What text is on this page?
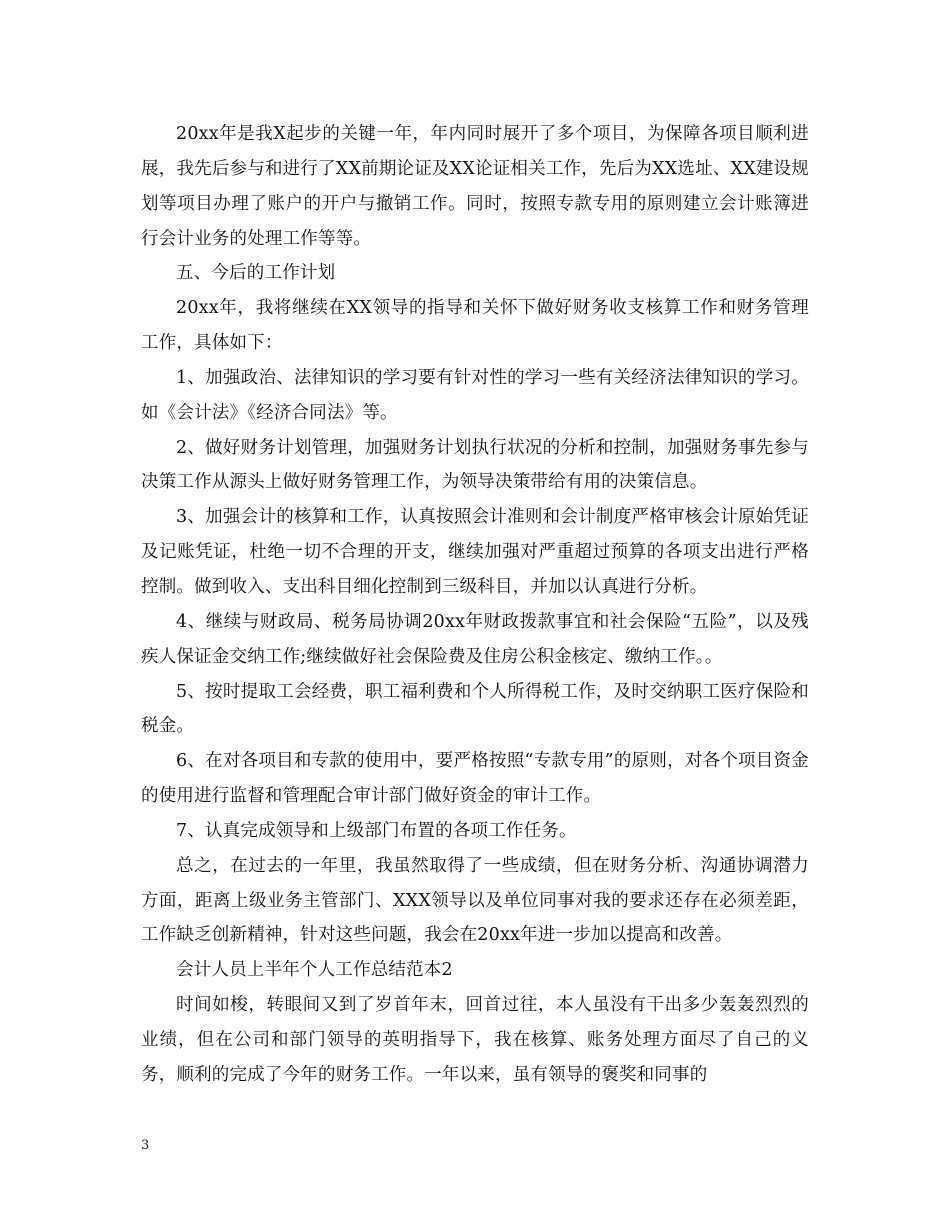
20xx年是我X起步的关键一年，年内同时展开了多个项目，为保障各项目顺利进展，我先后参与和进行了XX前期论证及XX论证相关工作，先后为XX选址、XX建设规划等项目办理了账户的开户与撤销工作。同时，按照专款专用的原则建立会计账簿进行会计业务的处理工作等等。

五、今后的工作计划

20xx年，我将继续在XX领导的指导和关怀下做好财务收支核算工作和财务管理工作，具体如下：

1、加强政治、法律知识的学习要有针对性的学习一些有关经济法律知识的学习。如《会计法》《经济合同法》等。

2、做好财务计划管理，加强财务计划执行状况的分析和控制，加强财务事先参与决策工作从源头上做好财务管理工作，为领导决策带给有用的决策信息。

3、加强会计的核算和工作，认真按照会计准则和会计制度严格审核会计原始凭证及记账凭证，杜绝一切不合理的开支，继续加强对严重超过预算的各项支出进行严格控制。做到收入、支出科目细化控制到三级科目，并加以认真进行分析。

4、继续与财政局、税务局协调20xx年财政拨款事宜和社会保险“五险”，以及残疾人保证金交纳工作;继续做好社会保险费及住房公积金核定、缴纳工作。。

5、按时提取工会经费，职工福利费和个人所得税工作，及时交纳职工医疗保险和税金。

6、在对各项目和专款的使用中，要严格按照“专款专用”的原则，对各个项目资金的使用进行监督和管理配合审计部门做好资金的审计工作。

7、认真完成领导和上级部门布置的各项工作任务。

总之，在过去的一年里，我虽然取得了一些成绩，但在财务分析、沟通协调潜力方面，距离上级业务主管部门、XXX领导以及单位同事对我的要求还存在必须差距，工作缺乏创新精神，针对这些问题，我会在20xx年进一步加以提高和改善。

会计人员上半年个人工作总结范本2

时间如梭，转眼间又到了岁首年末，回首过往，本人虽没有干出多少轰轰烈烈的业绩，但在公司和部门领导的英明指导下，我在核算、账务处理方面尽了自己的义务，顺利的完成了今年的财务工作。一年以来，虽有领导的褒奖和同事的

3
